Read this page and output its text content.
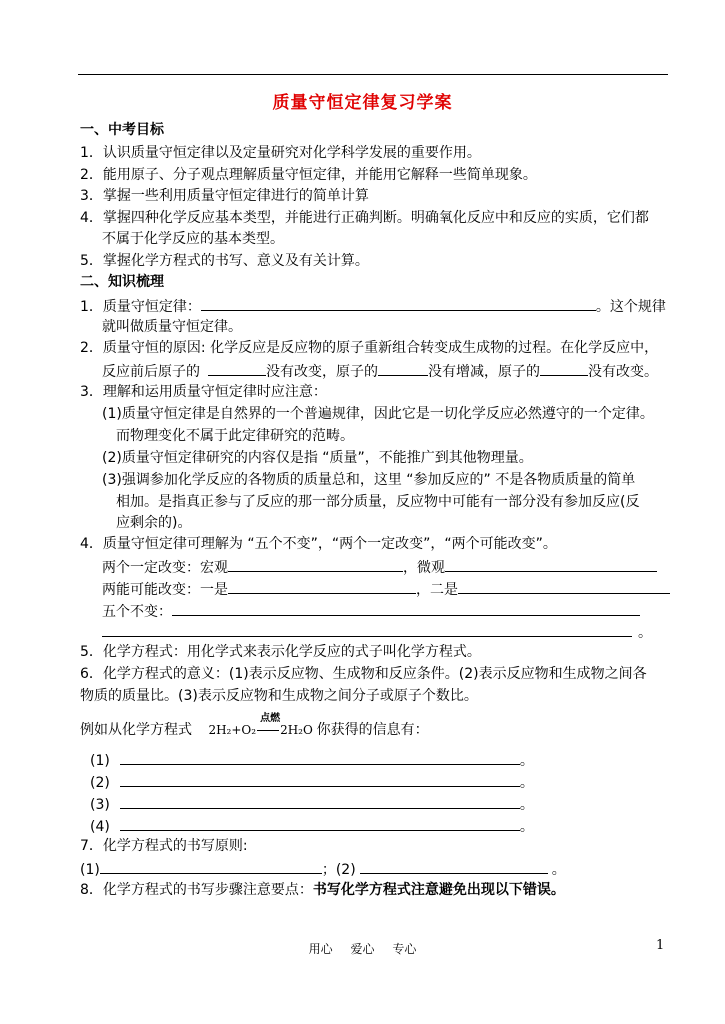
质量守恒定律复习学案
一、中考目标
1．认识质量守恒定律以及定量研究对化学科学发展的重要作用。
2．能用原子、分子观点理解质量守恒定律，并能用它解释一些简单现象。
3．掌握一些利用质量守恒定律进行的简单计算
4．掌握四种化学反应基本类型，并能进行正确判断。明确氧化反应中和反应的实质，它们都
不属于化学反应的基本类型。
5．掌握化学方程式的书写、意义及有关计算。
二、知识梳理
1．质量守恒定律：	。这个规律
就叫做质量守恒定律。
2．质量守恒的原因: 化学反应是反应物的原子重新组合转变成生成物的过程。在化学反应中，
反应前后原子的	没有改变，原子的	没有增减，原子的	没有改变。
3．理解和运用质量守恒定律时应注意：
(1)质量守恒定律是自然界的一个普遍规律，因此它是一切化学反应必然遵守的一个定律。
而物理变化不属于此定律研究的范畴。
(2)质量守恒定律研究的内容仅是指 “质量”，不能推广到其他物理量。
(3)强调参加化学反应的各物质的质量总和，这里 “参加反应的” 不是各物质质量的简单
相加。是指真正参与了反应的那一部分质量，反应物中可能有一部分没有参加反应(反
应剩余的)。
4．质量守恒定律可理解为 “五个不变”，“两个一定改变”，“两个可能改变”。
两个一定改变：宏观	，微观
两能可能改变：一是	，二是
五个不变：
。
5．化学方程式：用化学式来表示化学反应的式子叫化学方程式。
6．化学方程式的意义：(1)表示反应物、生成物和反应条件。(2)表示反应物和生成物之间各
物质的质量比。(3)表示反应物和生成物之间分子或原子个数比。
例如从化学方程式 2H₂+O₂
点燃
2H₂O 你获得的信息有：
(1)	。
(2)	。
(3)	。
(4)	。
7．化学方程式的书写原则:
(1)	；(2)	。
8．化学方程式的书写步骤注意要点：书写化学方程式注意避免出现以下错误。
用心 爱心 专心	1
